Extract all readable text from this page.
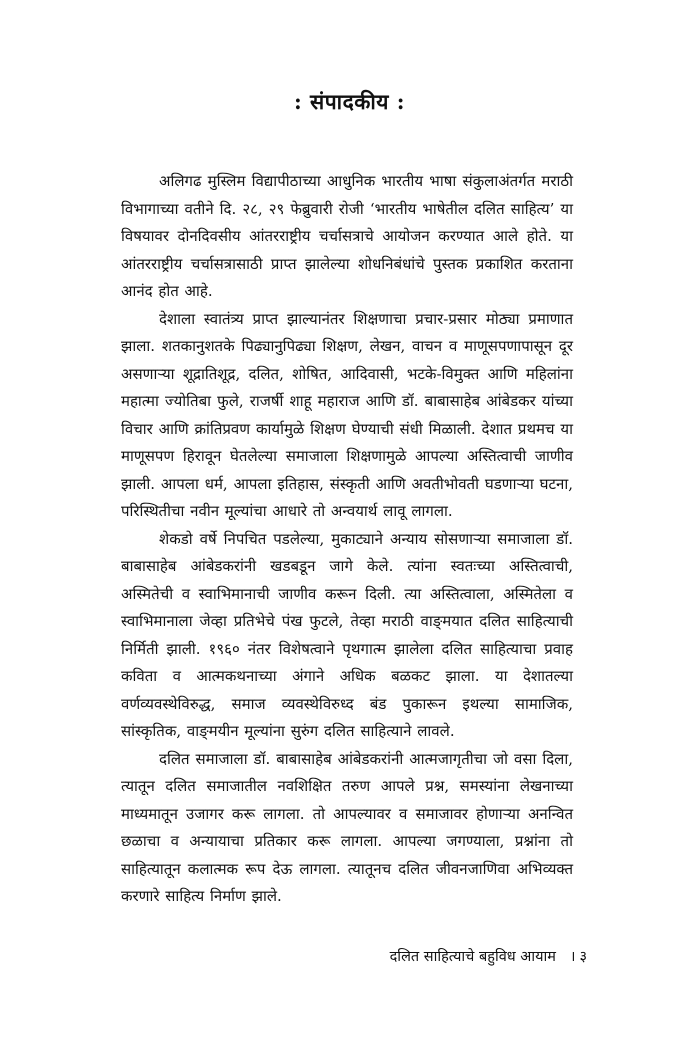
: संपादकीय :

अलिगढ मुस्लिम विद्यापीठाच्या आधुनिक भारतीय भाषा संकुलाअंतर्गत मराठी विभागाच्या वतीने दि. २८, २९ फेब्रुवारी रोजी ‘भारतीय भाषेतील दलित साहित्य’ या विषयावर दोनदिवसीय आंतरराष्ट्रीय चर्चासत्राचे आयोजन करण्यात आले होते. या आंतरराष्ट्रीय चर्चासत्रासाठी प्राप्त झालेल्या शोधनिबंधांचे पुस्तक प्रकाशित करताना आनंद होत आहे.

देशाला स्वातंत्र्य प्राप्त झाल्यानंतर शिक्षणाचा प्रचार-प्रसार मोठ्या प्रमाणात झाला. शतकानुशतके पिढ्यानुपिढ्या शिक्षण, लेखन, वाचन व माणूसपणापासून दूर असणाऱ्या शूद्रातिशूद्र, दलित, शोषित, आदिवासी, भटके-विमुक्त आणि महिलांना महात्मा ज्योतिबा फुले, राजर्षी शाहू महाराज आणि डॉ. बाबासाहेब आंबेडकर यांच्या विचार आणि क्रांतिप्रवण कार्यामुळे शिक्षण घेण्याची संधी मिळाली. देशात प्रथमच या माणूसपण हिरावून घेतलेल्या समाजाला शिक्षणामुळे आपल्या अस्तित्वाची जाणीव झाली. आपला धर्म, आपला इतिहास, संस्कृती आणि अवतीभोवती घडणाऱ्या घटना, परिस्थितीचा नवीन मूल्यांचा आधारे तो अन्वयार्थ लावू लागला.

शेकडो वर्षे निपचित पडलेल्या, मुकाट्याने अन्याय सोसणाऱ्या समाजाला डॉ. बाबासाहेब आंबेडकरांनी खडबडून जागे केले. त्यांना स्वतःच्या अस्तित्वाची, अस्मितेची व स्वाभिमानाची जाणीव करून दिली. त्या अस्तित्वाला, अस्मितेला व स्वाभिमानाला जेव्हा प्रतिभेचे पंख फुटले, तेव्हा मराठी वाङ्‌मयात दलित साहित्याची निर्मिती झाली. १९६० नंतर विशेषत्वाने पृथगात्म झालेला दलित साहित्याचा प्रवाह कविता व आत्मकथनाच्या अंगाने अधिक बळकट झाला. या देशातल्या वर्णव्यवस्थेविरुद्ध, समाज व्यवस्थेविरुध्द बंड पुकारून इथल्या सामाजिक, सांस्कृतिक, वाङ्‌मयीन मूल्यांना सुरुंग दलित साहित्याने लावले.

दलित समाजाला डॉ. बाबासाहेब आंबेडकरांनी आत्मजागृतीचा जो वसा दिला, त्यातून दलित समाजातील नवशिक्षित तरुण आपले प्रश्न, समस्यांना लेखनाच्या माध्यमातून उजागर करू लागला. तो आपल्यावर व समाजावर होणाऱ्या अनन्वित छळाचा व अन्यायाचा प्रतिकार करू लागला. आपल्या जगण्याला, प्रश्नांना तो साहित्यातून कलात्मक रूप देऊ लागला. त्यातूनच दलित जीवनजाणिवा अभिव्यक्त करणारे साहित्य निर्माण झाले.

दलित साहित्याचे बहुविध आयाम । ३
